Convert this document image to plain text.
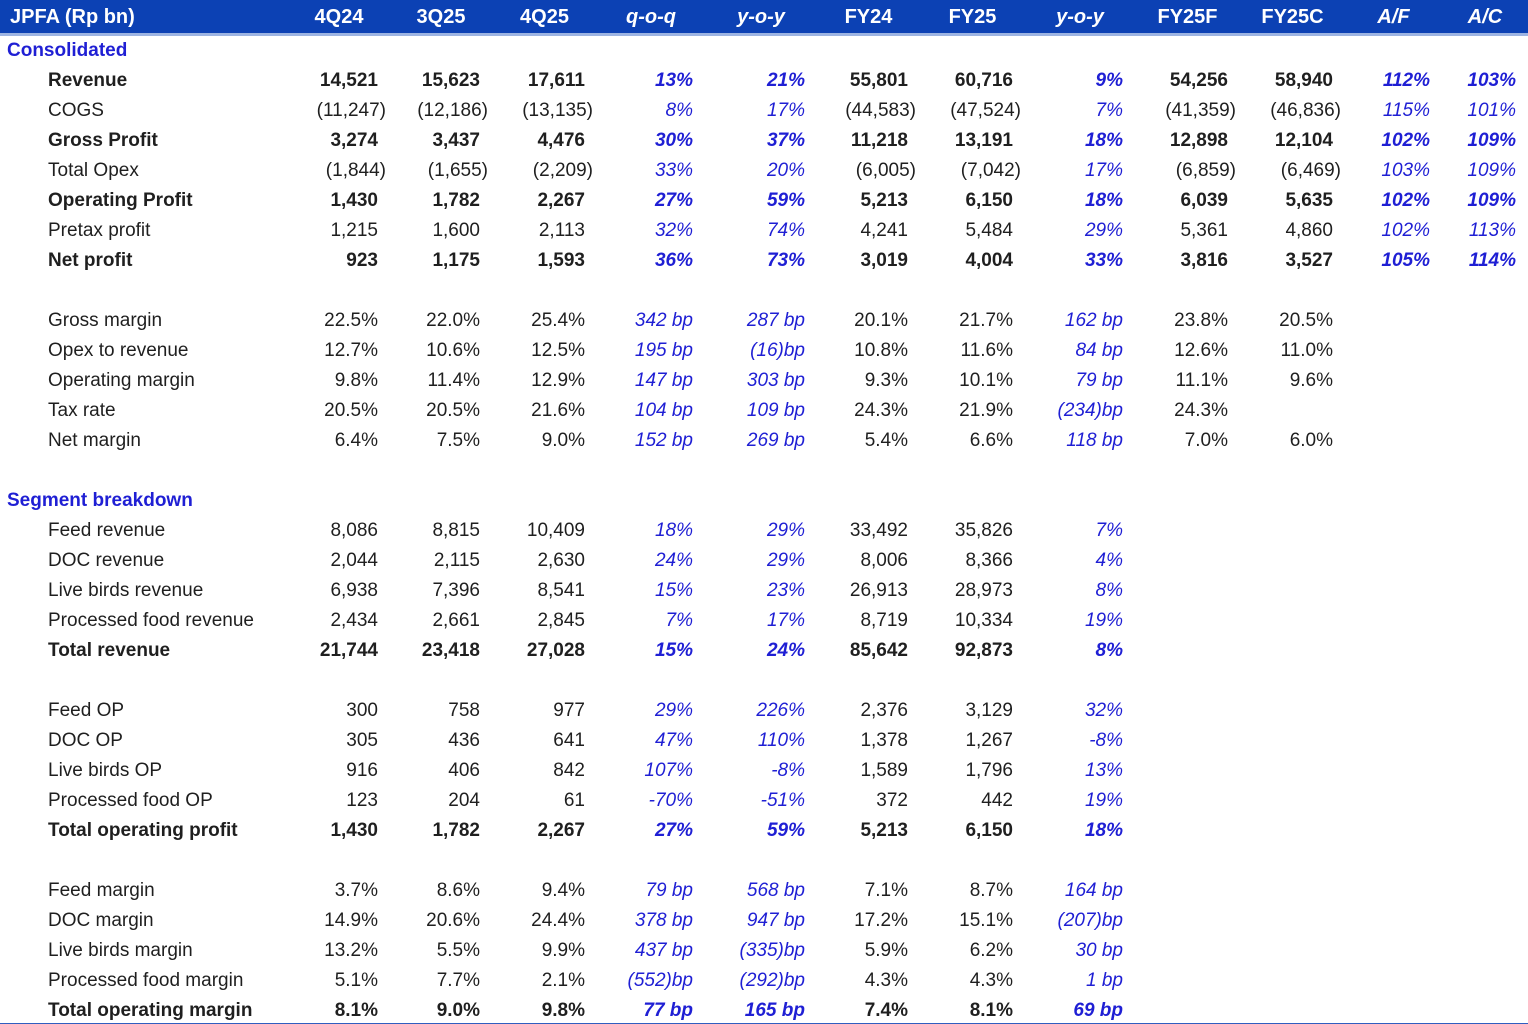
JPFA (Rp bn)	4Q24	3Q25	4Q25	q-o-q	y-o-y	FY24	FY25	y-o-y	FY25F	FY25C	A/F	A/C
Consolidated
Revenue	14,521	15,623	17,611	13%	21%	55,801	60,716	9%	54,256	58,940	112%	103%
COGS	(11,247)	(12,186)	(13,135)	8%	17%	(44,583)	(47,524)	7%	(41,359)	(46,836)	115%	101%
Gross Profit	3,274	3,437	4,476	30%	37%	11,218	13,191	18%	12,898	12,104	102%	109%
Total Opex	(1,844)	(1,655)	(2,209)	33%	20%	(6,005)	(7,042)	17%	(6,859)	(6,469)	103%	109%
Operating Profit	1,430	1,782	2,267	27%	59%	5,213	6,150	18%	6,039	5,635	102%	109%
Pretax profit	1,215	1,600	2,113	32%	74%	4,241	5,484	29%	5,361	4,860	102%	113%
Net profit	923	1,175	1,593	36%	73%	3,019	4,004	33%	3,816	3,527	105%	114%
Gross margin	22.5%	22.0%	25.4%	342 bp	287 bp	20.1%	21.7%	162 bp	23.8%	20.5%
Opex to revenue	12.7%	10.6%	12.5%	195 bp	(16)bp	10.8%	11.6%	84 bp	12.6%	11.0%
Operating margin	9.8%	11.4%	12.9%	147 bp	303 bp	9.3%	10.1%	79 bp	11.1%	9.6%
Tax rate	20.5%	20.5%	21.6%	104 bp	109 bp	24.3%	21.9%	(234)bp	24.3%
Net margin	6.4%	7.5%	9.0%	152 bp	269 bp	5.4%	6.6%	118 bp	7.0%	6.0%
Segment breakdown
Feed revenue	8,086	8,815	10,409	18%	29%	33,492	35,826	7%
DOC revenue	2,044	2,115	2,630	24%	29%	8,006	8,366	4%
Live birds revenue	6,938	7,396	8,541	15%	23%	26,913	28,973	8%
Processed food revenue	2,434	2,661	2,845	7%	17%	8,719	10,334	19%
Total revenue	21,744	23,418	27,028	15%	24%	85,642	92,873	8%
Feed OP	300	758	977	29%	226%	2,376	3,129	32%
DOC OP	305	436	641	47%	110%	1,378	1,267	-8%
Live birds OP	916	406	842	107%	-8%	1,589	1,796	13%
Processed food OP	123	204	61	-70%	-51%	372	442	19%
Total operating profit	1,430	1,782	2,267	27%	59%	5,213	6,150	18%
Feed margin	3.7%	8.6%	9.4%	79 bp	568 bp	7.1%	8.7%	164 bp
DOC margin	14.9%	20.6%	24.4%	378 bp	947 bp	17.2%	15.1%	(207)bp
Live birds margin	13.2%	5.5%	9.9%	437 bp	(335)bp	5.9%	6.2%	30 bp
Processed food margin	5.1%	7.7%	2.1%	(552)bp	(292)bp	4.3%	4.3%	1 bp
Total operating margin	8.1%	9.0%	9.8%	77 bp	165 bp	7.4%	8.1%	69 bp
